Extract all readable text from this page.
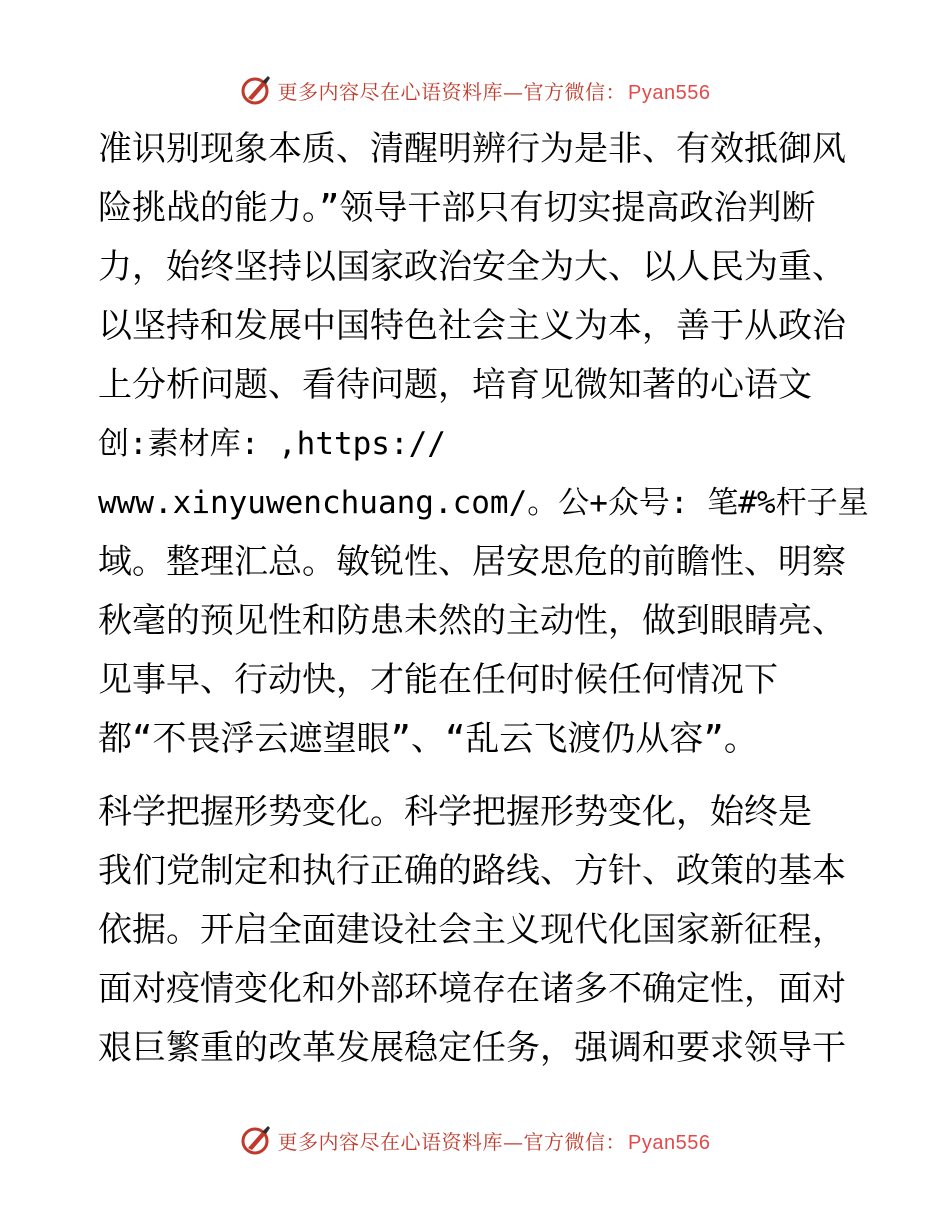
更多内容尽在心语资料库—官方微信： Pyan556
准识别现象本质、清醒明辨行为是非、有效抵御风
险挑战的能力。”领导干部只有切实提高政治判断
力，始终坚持以国家政治安全为大、以人民为重、
以坚持和发展中国特色社会主义为本，善于从政治
上分析问题、看待问题，培育见微知著的心语文
创:素材库: ,https://
www.xinyuwenchuang.com/。公+众号: 笔#%杆子星
域。整理汇总。敏锐性、居安思危的前瞻性、明察
秋毫的预见性和防患未然的主动性，做到眼睛亮、
见事早、行动快，才能在任何时候任何情况下
都“不畏浮云遮望眼”、“乱云飞渡仍从容”。
科学把握形势变化。科学把握形势变化，始终是
我们党制定和执行正确的路线、方针、政策的基本
依据。开启全面建设社会主义现代化国家新征程，
面对疫情变化和外部环境存在诸多不确定性，面对
艰巨繁重的改革发展稳定任务，强调和要求领导干
更多内容尽在心语资料库—官方微信： Pyan556
